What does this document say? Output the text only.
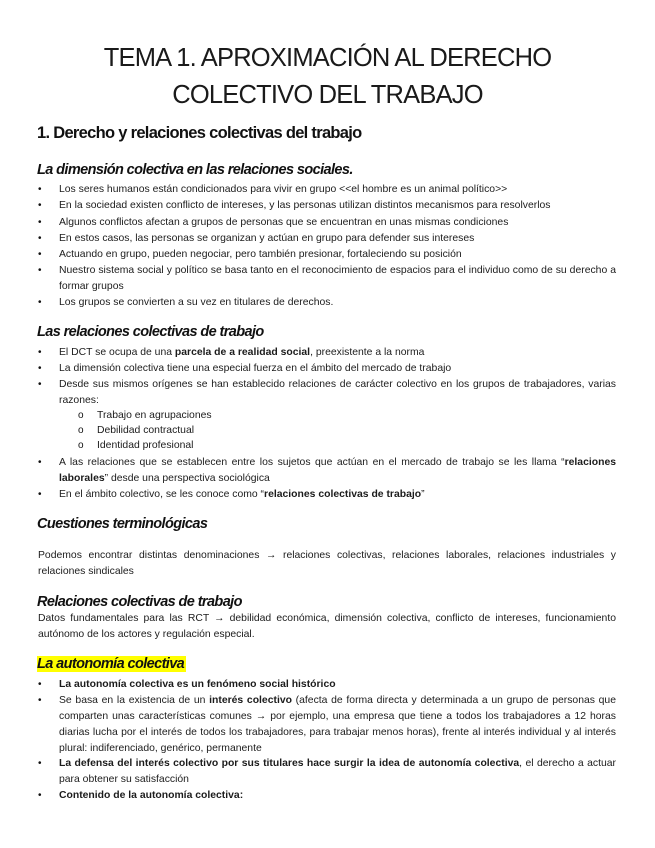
TEMA 1. APROXIMACIÓN AL DERECHO
COLECTIVO DEL TRABAJO
1. Derecho y relaciones colectivas del trabajo
La dimensión colectiva en las relaciones sociales.
• Los seres humanos están condicionados para vivir en grupo <<el hombre es un animal político>>
• En la sociedad existen conflicto de intereses, y las personas utilizan distintos mecanismos para resolverlos
• Algunos conflictos afectan a grupos de personas que se encuentran en unas mismas condiciones
• En estos casos, las personas se organizan y actúan en grupo para defender sus intereses
• Actuando en grupo, pueden negociar, pero también presionar, fortaleciendo su posición
• Nuestro sistema social y político se basa tanto en el reconocimiento de espacios para el individuo como de su derecho a formar grupos
• Los grupos se convierten a su vez en titulares de derechos.
Las relaciones colectivas de trabajo
• El DCT se ocupa de una parcela de a realidad social, preexistente a la norma
• La dimensión colectiva tiene una especial fuerza en el ámbito del mercado de trabajo
• Desde sus mismos orígenes se han establecido relaciones de carácter colectivo en los grupos de trabajadores, varias razones:
o Trabajo en agrupaciones
o Debilidad contractual
o Identidad profesional
• A las relaciones que se establecen entre los sujetos que actúan en el mercado de trabajo se les llama “relaciones laborales” desde una perspectiva sociológica
• En el ámbito colectivo, se les conoce como “relaciones colectivas de trabajo”
Cuestiones terminológicas
Podemos encontrar distintas denominaciones → relaciones colectivas, relaciones laborales, relaciones industriales y relaciones sindicales
Relaciones colectivas de trabajo
Datos fundamentales para las RCT → debilidad económica, dimensión colectiva, conflicto de intereses, funcionamiento autónomo de los actores y regulación especial.
La autonomía colectiva
• La autonomía colectiva es un fenómeno social histórico
• Se basa en la existencia de un interés colectivo (afecta de forma directa y determinada a un grupo de personas que comparten unas características comunes → por ejemplo, una empresa que tiene a todos los trabajadores a 12 horas diarias lucha por el interés de todos los trabajadores, para trabajar menos horas), frente al interés individual y al interés plural: indiferenciado, genérico, permanente
• La defensa del interés colectivo por sus titulares hace surgir la idea de autonomía colectiva, el derecho a actuar para obtener su satisfacción
• Contenido de la autonomía colectiva:
